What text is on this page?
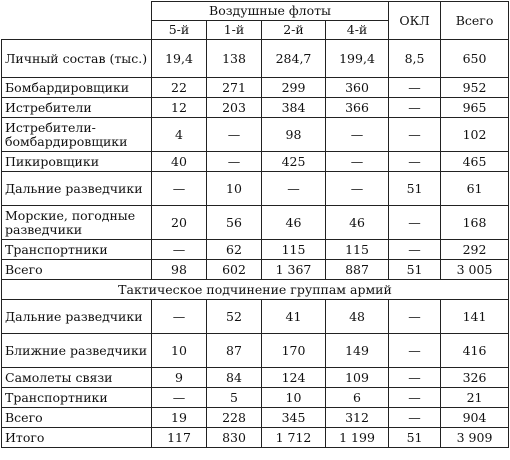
	Воздушные флоты				ОКЛ	Всего
	5-й	1-й	2-й	4-й		
Личный состав (тыс.)	19,4	138	284,7	199,4	8,5	650
Бомбардировщики	22	271	299	360	—	952
Истребители	12	203	384	366	—	965
Истребители-бомбардировщики	4	—	98	—	—	102
Пикировщики	40	—	425	—	—	465
Дальние разведчики	—	10	—	—	51	61
Морские, погодные разведчики	20	56	46	46	—	168
Транспортники	—	62	115	115	—	292
Всего	98	602	1 367	887	51	3 005
Тактическое подчинение группам армий						
Дальние разведчики	—	52	41	48	—	141
Ближние разведчики	10	87	170	149	—	416
Самолеты связи	9	84	124	109	—	326
Транспортники	—	5	10	6	—	21
Всего	19	228	345	312	—	904
Итого	117	830	1 712	1 199	51	3 909
